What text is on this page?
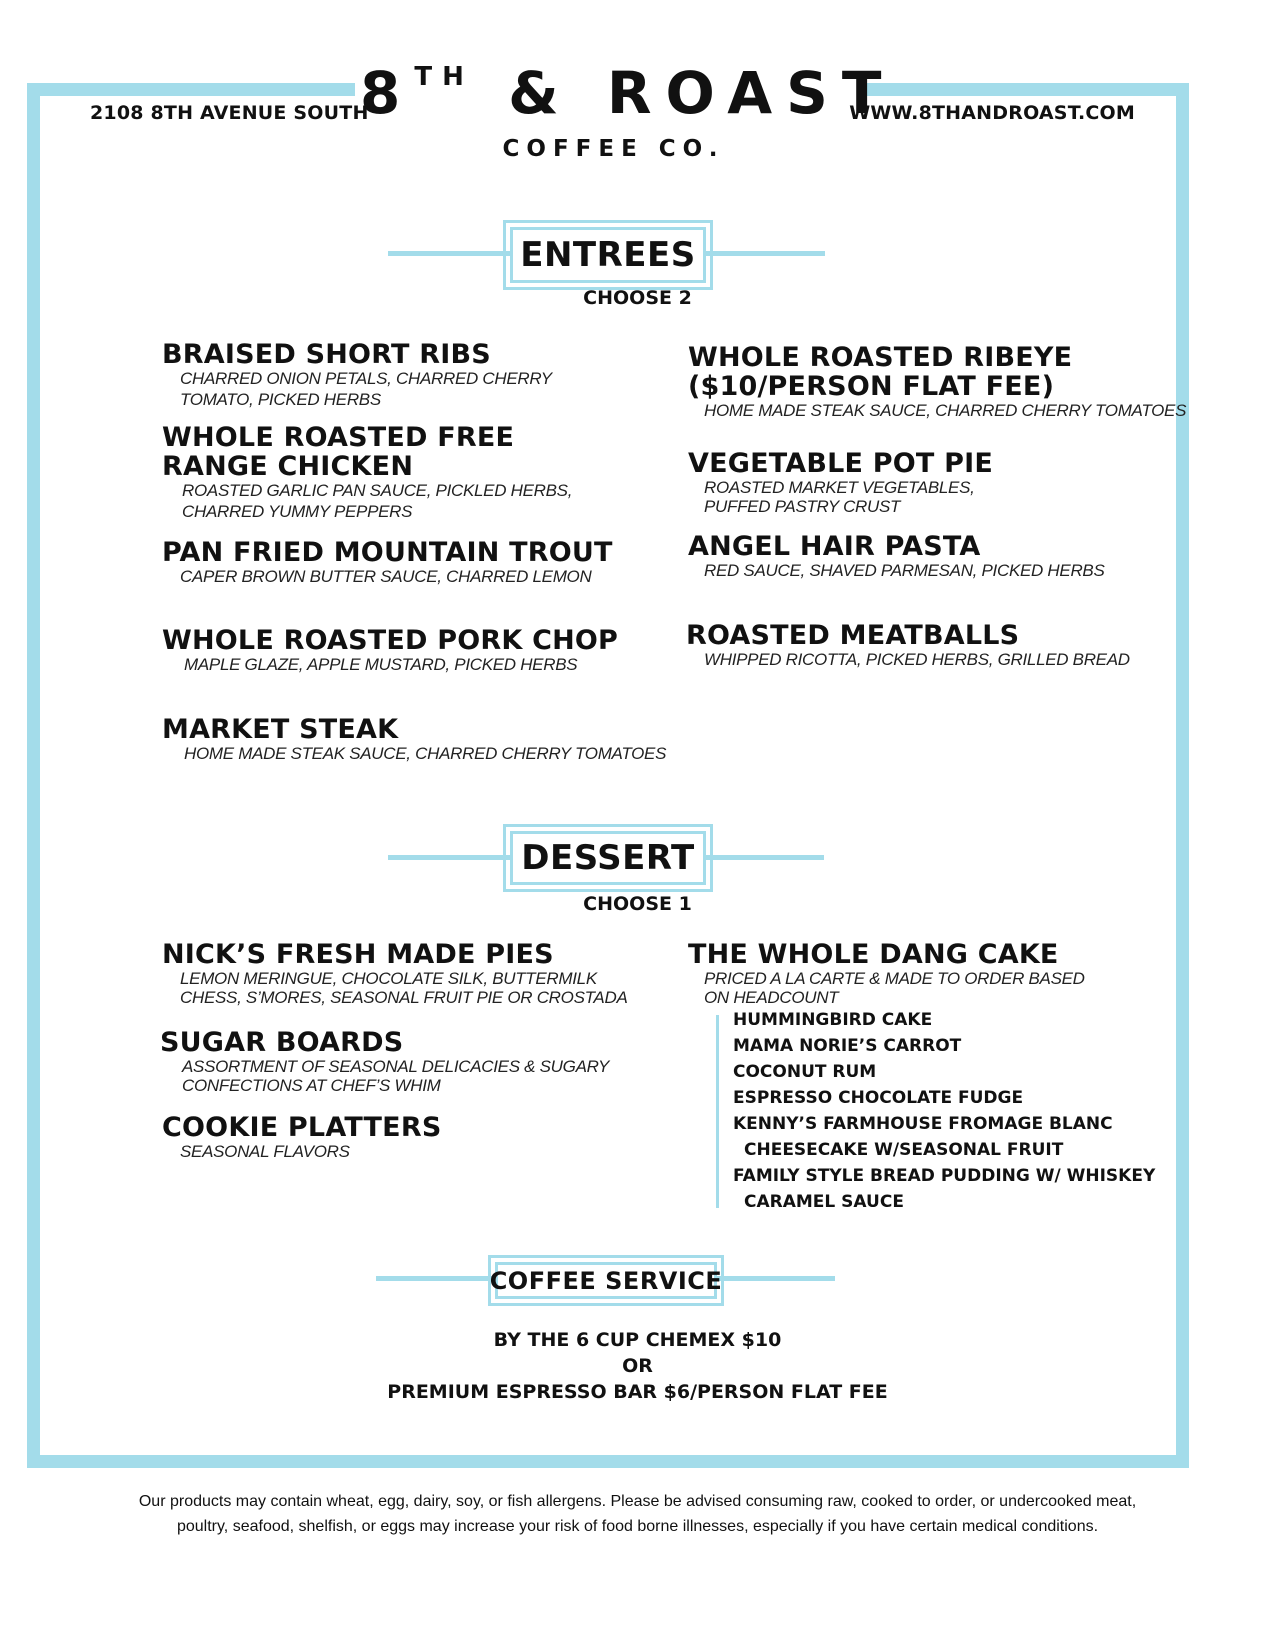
2108 8TH AVENUE SOUTH	WWW.8THANDROAST.COM
8TH & ROAST
COFFEE CO.
ENTREES
CHOOSE 2
BRAISED SHORT RIBS
CHARRED ONION PETALS, CHARRED CHERRY
TOMATO, PICKED HERBS
WHOLE ROASTED FREE
RANGE CHICKEN
ROASTED GARLIC PAN SAUCE, PICKLED HERBS,
CHARRED YUMMY PEPPERS
PAN FRIED MOUNTAIN TROUT
CAPER BROWN BUTTER SAUCE, CHARRED LEMON
WHOLE ROASTED PORK CHOP
MAPLE GLAZE, APPLE MUSTARD, PICKED HERBS
MARKET STEAK
HOME MADE STEAK SAUCE, CHARRED CHERRY TOMATOES
WHOLE ROASTED RIBEYE
($10/PERSON FLAT FEE)
HOME MADE STEAK SAUCE, CHARRED CHERRY TOMATOES
VEGETABLE POT PIE
ROASTED MARKET VEGETABLES,
PUFFED PASTRY CRUST
ANGEL HAIR PASTA
RED SAUCE, SHAVED PARMESAN, PICKED HERBS
ROASTED MEATBALLS
WHIPPED RICOTTA, PICKED HERBS, GRILLED BREAD
DESSERT
CHOOSE 1
NICK’S FRESH MADE PIES
LEMON MERINGUE, CHOCOLATE SILK, BUTTERMILK
CHESS, S’MORES, SEASONAL FRUIT PIE OR CROSTADA
SUGAR BOARDS
ASSORTMENT OF SEASONAL DELICACIES & SUGARY
CONFECTIONS AT CHEF’S WHIM
COOKIE PLATTERS
SEASONAL FLAVORS
THE WHOLE DANG CAKE
PRICED A LA CARTE & MADE TO ORDER BASED
ON HEADCOUNT
HUMMINGBIRD CAKE
MAMA NORIE’S CARROT
COCONUT RUM
ESPRESSO CHOCOLATE FUDGE
KENNY’S FARMHOUSE FROMAGE BLANC
CHEESECAKE W/SEASONAL FRUIT
FAMILY STYLE BREAD PUDDING W/ WHISKEY
CARAMEL SAUCE
COFFEE SERVICE
BY THE 6 CUP CHEMEX $10
OR
PREMIUM ESPRESSO BAR $6/PERSON FLAT FEE
Our products may contain wheat, egg, dairy, soy, or fish allergens. Please be advised consuming raw, cooked to order, or undercooked meat,
poultry, seafood, shelfish, or eggs may increase your risk of food borne illnesses, especially if you have certain medical conditions.
